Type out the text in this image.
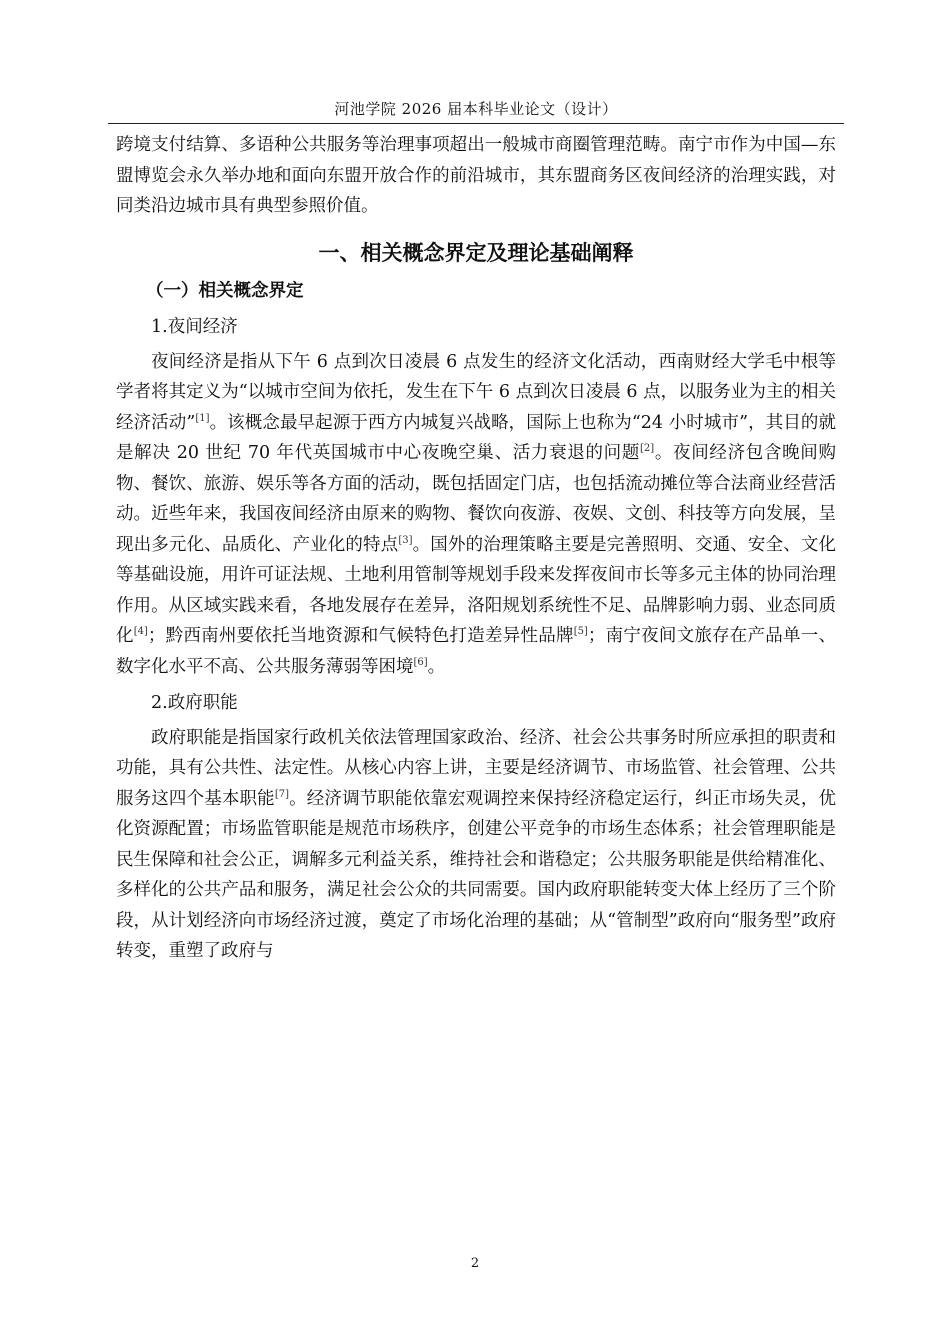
河池学院 2026 届本科毕业论文（设计）

跨境支付结算、多语种公共服务等治理事项超出一般城市商圈管理范畴。南宁市作为中国—东盟博览会永久举办地和面向东盟开放合作的前沿城市，其东盟商务区夜间经济的治理实践，对同类沿边城市具有典型参照价值。

一、相关概念界定及理论基础阐释
（一）相关概念界定
1.夜间经济

夜间经济是指从下午 6 点到次日凌晨 6 点发生的经济文化活动，西南财经大学毛中根等学者将其定义为“以城市空间为依托，发生在下午 6 点到次日凌晨 6 点，以服务业为主的相关经济活动”[1]。该概念最早起源于西方内城复兴战略，国际上也称为“24 小时城市”，其目的就是解决 20 世纪 70 年代英国城市中心夜晚空巢、活力衰退的问题[2]。夜间经济包含晚间购物、餐饮、旅游、娱乐等各方面的活动，既包括固定门店，也包括流动摊位等合法商业经营活动。近些年来，我国夜间经济由原来的购物、餐饮向夜游、夜娱、文创、科技等方向发展，呈现出多元化、品质化、产业化的特点[3]。国外的治理策略主要是完善照明、交通、安全、文化等基础设施，用许可证法规、土地利用管制等规划手段来发挥夜间市长等多元主体的协同治理作用。从区域实践来看，各地发展存在差异，洛阳规划系统性不足、品牌影响力弱、业态同质化[4]；黔西南州要依托当地资源和气候特色打造差异性品牌[5]；南宁夜间文旅存在产品单一、数字化水平不高、公共服务薄弱等困境[6]。

2.政府职能

政府职能是指国家行政机关依法管理国家政治、经济、社会公共事务时所应承担的职责和功能，具有公共性、法定性。从核心内容上讲，主要是经济调节、市场监管、社会管理、公共服务这四个基本职能[7]。经济调节职能依靠宏观调控来保持经济稳定运行，纠正市场失灵，优化资源配置；市场监管职能是规范市场秩序，创建公平竞争的市场生态体系；社会管理职能是民生保障和社会公正，调解多元利益关系，维持社会和谐稳定；公共服务职能是供给精准化、多样化的公共产品和服务，满足社会公众的共同需要。国内政府职能转变大体上经历了三个阶段，从计划经济向市场经济过渡，奠定了市场化治理的基础；从“管制型”政府向“服务型”政府转变，重塑了政府与

2
